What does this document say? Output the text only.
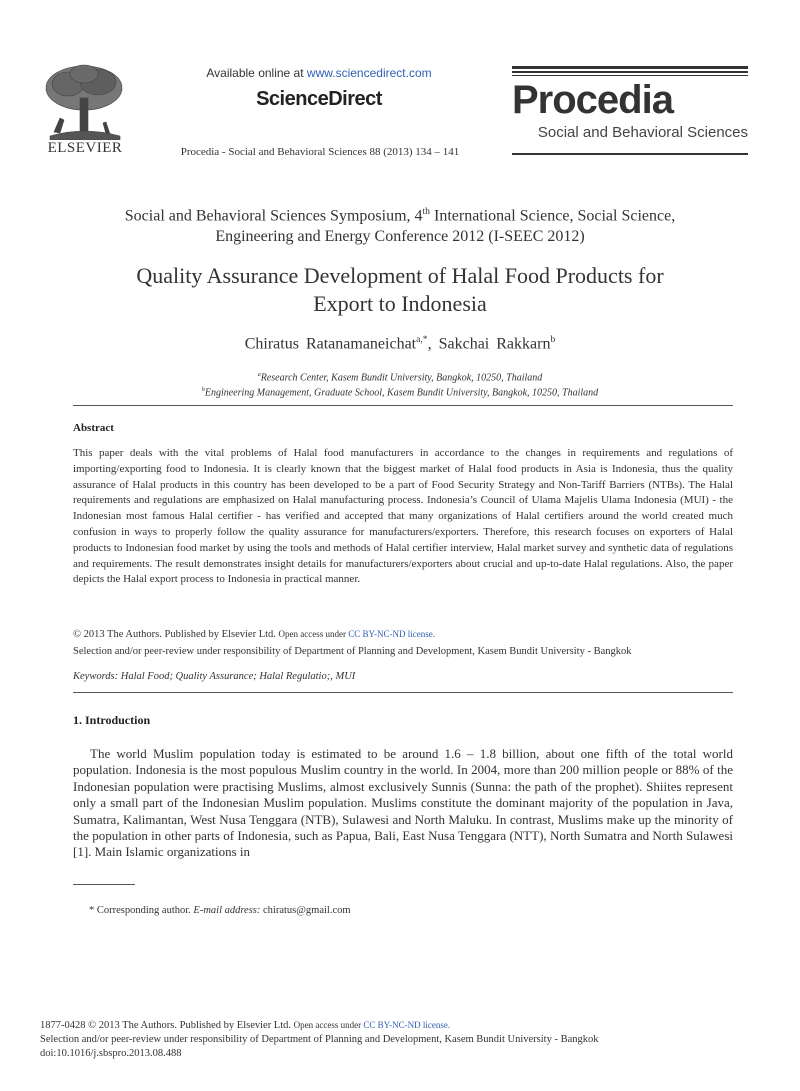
ELSEVIER
Available online at www.sciencedirect.com
ScienceDirect
Procedia - Social and Behavioral Sciences 88 (2013) 134 – 141
Procedia
Social and Behavioral Sciences
Social and Behavioral Sciences Symposium, 4th International Science, Social Science,
Engineering and Energy Conference 2012 (I-SEEC 2012)
Quality Assurance Development of Halal Food Products for
Export to Indonesia
Chiratus Ratanamaneichat$^{a,*}$, Sakchai Rakkarn$^b$
$^a$Research Center, Kasem Bundit University, Bangkok, 10250, Thailand
$^b$Engineering Management, Graduate School, Kasem Bundit University, Bangkok, 10250, Thailand
Abstract
This paper deals with the vital problems of Halal food manufacturers in accordance to the changes in requirements and regulations of importing/exporting food to Indonesia. It is clearly known that the biggest market of Halal food products in Asia is Indonesia, thus the quality assurance of Halal products in this country has been developed to be a part of Food Security Strategy and Non-Tariff Barriers (NTBs). The Halal requirements and regulations are emphasized on Halal manufacturing process. Indonesia’s Council of Ulama Majelis Ulama Indonesia (MUI) - the Indonesian most famous Halal certifier - has verified and accepted that many organizations of Halal certifiers around the world created much confusion in ways to properly follow the quality assurance for manufacturers/exporters. Therefore, this research focuses on exporters of Halal products to Indonesian food market by using the tools and methods of Halal certifier interview, Halal market survey and synthetic data of regulations and requirements. The result demonstrates insight details for manufacturers/exporters about crucial and up-to-date Halal regulations. Also, the paper depicts the Halal export process to Indonesia in practical manner.
© 2013 The Authors. Published by Elsevier Ltd. Open access under CC BY-NC-ND license.
Selection and/or peer-review under responsibility of Department of Planning and Development, Kasem Bundit University - Bangkok
Keywords: Halal Food; Quality Assurance; Halal Regulatio;, MUI
1. Introduction
The world Muslim population today is estimated to be around 1.6 – 1.8 billion, about one fifth of the total world population. Indonesia is the most populous Muslim country in the world. In 2004, more than 200 million people or 88% of the Indonesian population were practising Muslims, almost exclusively Sunnis (Sunna: the path of the prophet). Shiites represent only a small part of the Indonesian Muslim population. Muslims constitute the dominant majority of the population in Java, Sumatra, Kalimantan, West Nusa Tenggara (NTB), Sulawesi and North Maluku. In contrast, Muslims make up the minority of the population in other parts of Indonesia, such as Papua, Bali, East Nusa Tenggara (NTT), North Sumatra and North Sulawesi [1]. Main Islamic organizations in
* Corresponding author. E-mail address: chiratus@gmail.com
1877-0428 © 2013 The Authors. Published by Elsevier Ltd. Open access under CC BY-NC-ND license.
Selection and/or peer-review under responsibility of Department of Planning and Development, Kasem Bundit University - Bangkok
doi:10.1016/j.sbspro.2013.08.488
